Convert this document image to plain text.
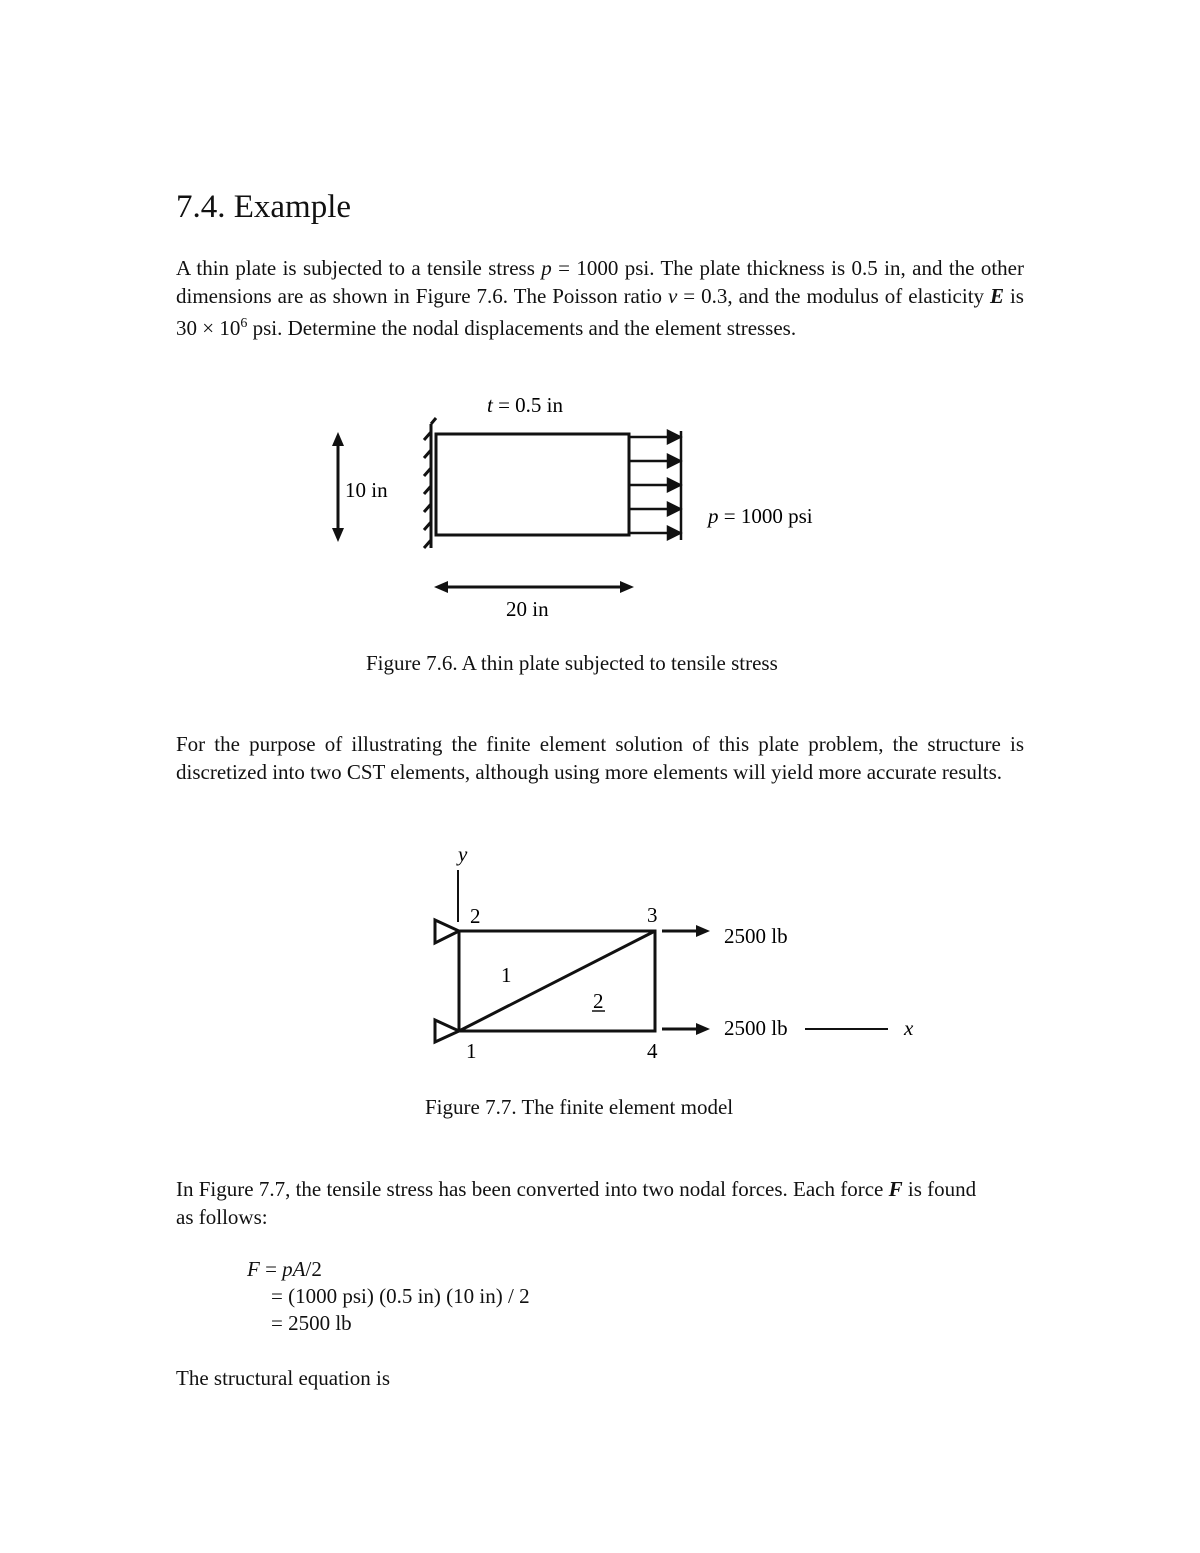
7.4. Example
A thin plate is subjected to a tensile stress p = 1000 psi. The plate thickness is 0.5 in, and the other dimensions are as shown in Figure 7.6. The Poisson ratio ν = 0.3, and the modulus of elasticity E is $30 \times 10^6$ psi. Determine the nodal displacements and the element stresses.
t = 0.5 in
10 in
p = 1000 psi
20 in
Figure 7.6. A thin plate subjected to tensile stress
For the purpose of illustrating the finite element solution of this plate problem, the structure is discretized into two CST elements, although using more elements will yield more accurate results.
y
2	3
1	4
1
2
2500 lb
2500 lb	x
Figure 7.7. The finite element model
In Figure 7.7, the tensile stress has been converted into two nodal forces. Each force F is found as follows:
F = pA/2
= (1000 psi) (0.5 in) (10 in) / 2
= 2500 lb
The structural equation is
